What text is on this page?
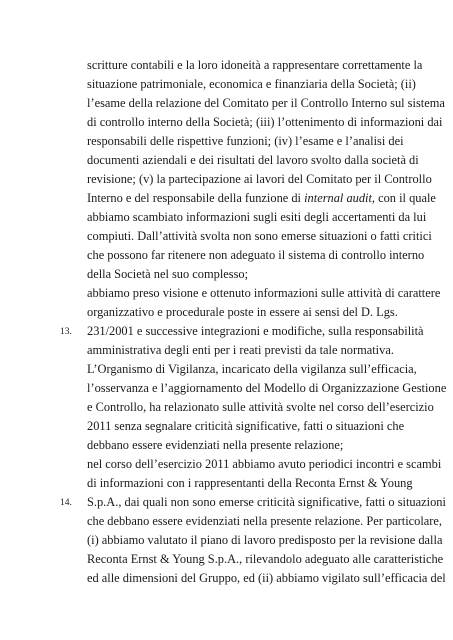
scritture contabili e la loro idoneità a rappresentare correttamente la
situazione patrimoniale, economica e finanziaria della Società; (ii)
l’esame della relazione del Comitato per il Controllo Interno sul sistema
di controllo interno della Società; (iii) l’ottenimento di informazioni dai
responsabili delle rispettive funzioni; (iv) l’esame e l’analisi dei
documenti aziendali e dei risultati del lavoro svolto dalla società di
revisione; (v) la partecipazione ai lavori del Comitato per il Controllo
Interno e del responsabile della funzione di internal audit, con il quale
abbiamo scambiato informazioni sugli esiti degli accertamenti da lui
compiuti. Dall’attività svolta non sono emerse situazioni o fatti critici
che possono far ritenere non adeguato il sistema di controllo interno
della Società nel suo complesso;
13.
abbiamo preso visione e ottenuto informazioni sulle attività di carattere
organizzativo e procedurale poste in essere ai sensi del D. Lgs.
231/2001 e successive integrazioni e modifiche, sulla responsabilità
amministrativa degli enti per i reati previsti da tale normativa.
L’Organismo di Vigilanza, incaricato della vigilanza sull’efficacia,
l’osservanza e l’aggiornamento del Modello di Organizzazione Gestione
e Controllo, ha relazionato sulle attività svolte nel corso dell’esercizio
2011 senza segnalare criticità significative, fatti o situazioni che
debbano essere evidenziati nella presente relazione;
14.
nel corso dell’esercizio 2011 abbiamo avuto periodici incontri e scambi
di informazioni con i rappresentanti della Reconta Ernst & Young
S.p.A., dai quali non sono emerse criticità significative, fatti o situazioni
che debbano essere evidenziati nella presente relazione. Per particolare,
(i) abbiamo valutato il piano di lavoro predisposto per la revisione dalla
Reconta Ernst & Young S.p.A., rilevandolo adeguato alle caratteristiche
ed alle dimensioni del Gruppo, ed (ii) abbiamo vigilato sull’efficacia del
